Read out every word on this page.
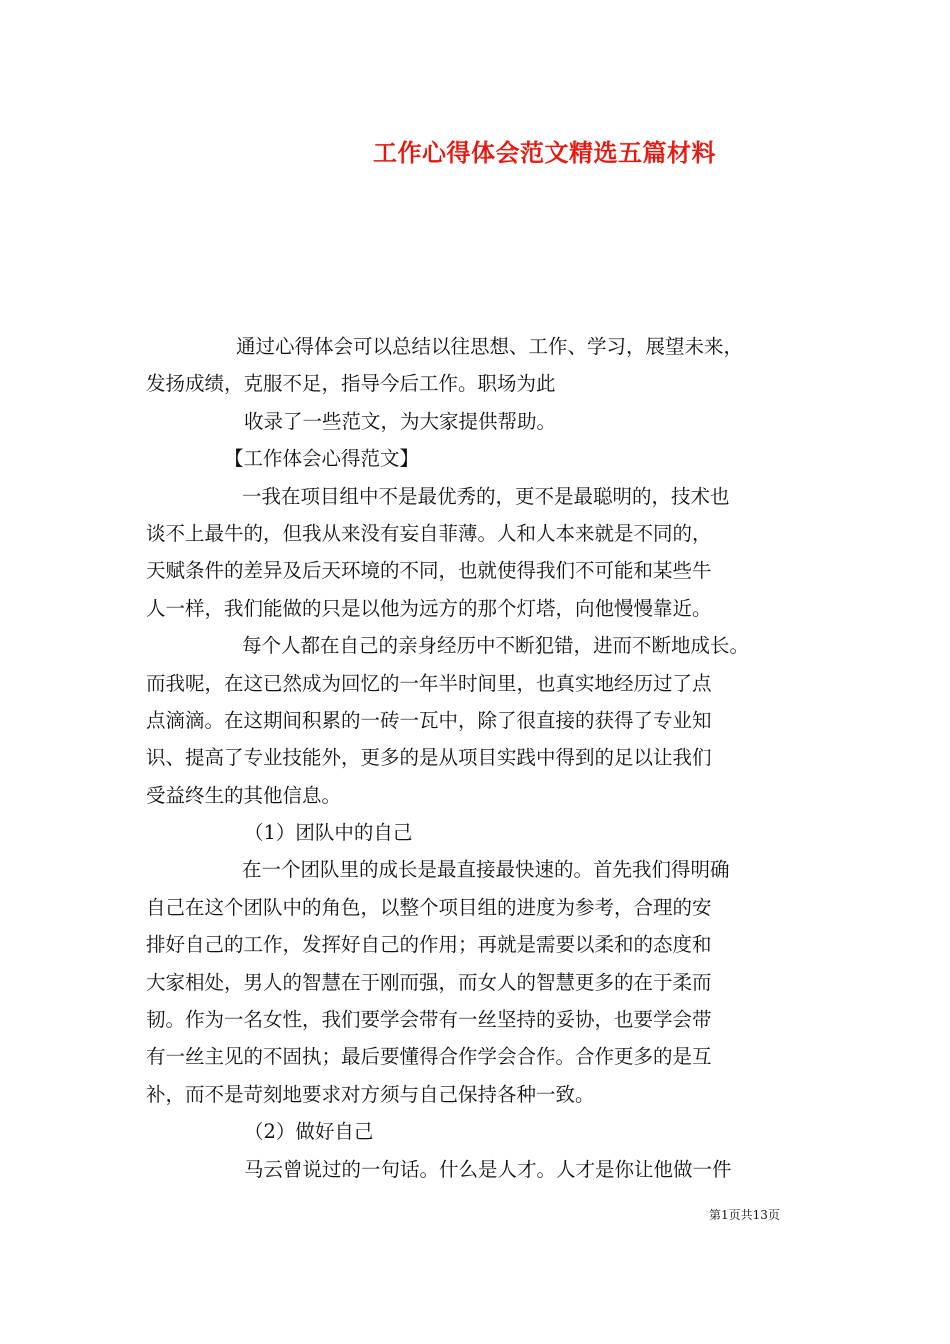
工作心得体会范文精选五篇材料
通过心得体会可以总结以往思想、工作、学习，展望未来，
发扬成绩，克服不足，指导今后工作。职场为此
收录了一些范文，为大家提供帮助。
【工作体会心得范文】
一我在项目组中不是最优秀的，更不是最聪明的，技术也
谈不上最牛的，但我从来没有妄自菲薄。人和人本来就是不同的，
天赋条件的差异及后天环境的不同，也就使得我们不可能和某些牛
人一样，我们能做的只是以他为远方的那个灯塔，向他慢慢靠近。
每个人都在自己的亲身经历中不断犯错，进而不断地成长。
而我呢，在这已然成为回忆的一年半时间里，也真实地经历过了点
点滴滴。在这期间积累的一砖一瓦中，除了很直接的获得了专业知
识、提高了专业技能外，更多的是从项目实践中得到的足以让我们
受益终生的其他信息。
（1）团队中的自己
在一个团队里的成长是最直接最快速的。首先我们得明确
自己在这个团队中的角色，以整个项目组的进度为参考，合理的安
排好自己的工作，发挥好自己的作用；再就是需要以柔和的态度和
大家相处，男人的智慧在于刚而强，而女人的智慧更多的在于柔而
韧。作为一名女性，我们要学会带有一丝坚持的妥协，也要学会带
有一丝主见的不固执；最后要懂得合作学会合作。合作更多的是互
补，而不是苛刻地要求对方须与自己保持各种一致。
（2）做好自己
马云曾说过的一句话。什么是人才。人才是你让他做一件
第1页共13页
